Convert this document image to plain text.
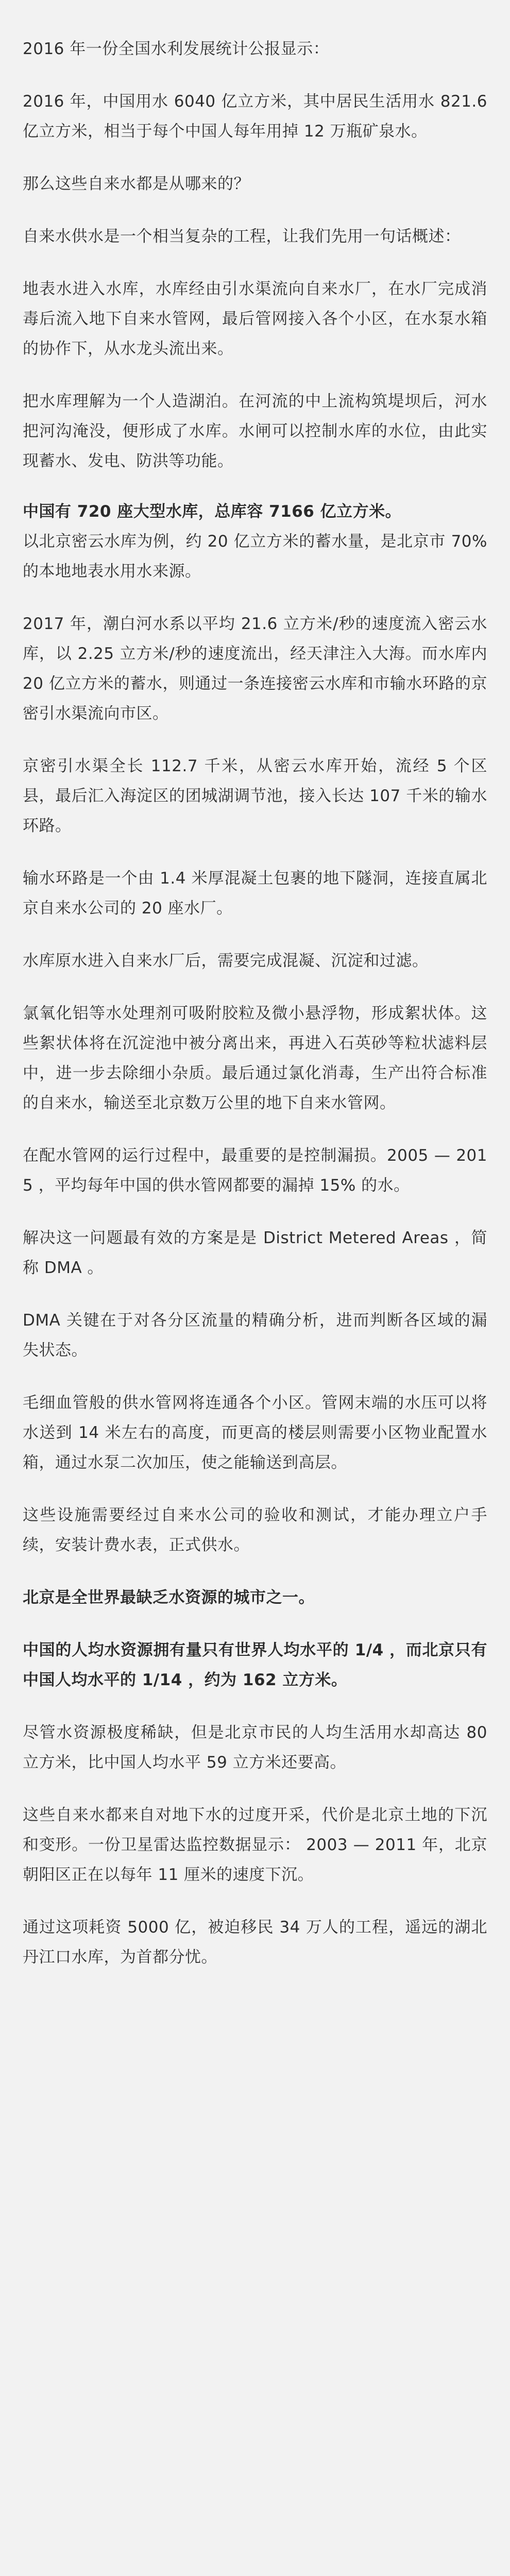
2016 年一份全国水利发展统计公报显示：

2016 年，中国用水 6040 亿立方米，其中居民生活用水 821.6 亿立方米，相当于每个中国人每年用掉 12 万瓶矿泉水。

那么这些自来水都是从哪来的？

自来水供水是一个相当复杂的工程，让我们先用一句话概述：

地表水进入水库，水库经由引水渠流向自来水厂，在水厂完成消毒后流入地下自来水管网，最后管网接入各个小区，在水泵水箱的协作下，从水龙头流出来。

把水库理解为一个人造湖泊。在河流的中上流构筑堤坝后，河水把河沟淹没，便形成了水库。水闸可以控制水库的水位，由此实现蓄水、发电、防洪等功能。

中国有 720 座大型水库，总库容 7166 亿立方米。

以北京密云水库为例，约 20 亿立方米的蓄水量，是北京市 70% 的本地地表水用水来源。

2017 年，潮白河水系以平均 21.6 立方米/秒的速度流入密云水库，以 2.25 立方米/秒的速度流出，经天津注入大海。而水库内 20 亿立方米的蓄水，则通过一条连接密云水库和市输水环路的京密引水渠流向市区。

京密引水渠全长 112.7 千米，从密云水库开始，流经 5 个区县，最后汇入海淀区的团城湖调节池，接入长达 107 千米的输水环路。

输水环路是一个由 1.4 米厚混凝土包裹的地下隧洞，连接直属北京自来水公司的 20 座水厂。

水库原水进入自来水厂后，需要完成混凝、沉淀和过滤。

氯氧化铝等水处理剂可吸附胶粒及微小悬浮物，形成絮状体。这些絮状体将在沉淀池中被分离出来，再进入石英砂等粒状滤料层中，进一步去除细小杂质。最后通过氯化消毒，生产出符合标准的自来水，输送至北京数万公里的地下自来水管网。

在配水管网的运行过程中，最重要的是控制漏损。2005 — 2015 ，平均每年中国的供水管网都要的漏掉 15% 的水。

解决这一问题最有效的方案是是 District Metered Areas ，简称 DMA 。

DMA 关键在于对各分区流量的精确分析，进而判断各区域的漏失状态。

毛细血管般的供水管网将连通各个小区。管网末端的水压可以将水送到 14 米左右的高度，而更高的楼层则需要小区物业配置水箱，通过水泵二次加压，使之能输送到高层。

这些设施需要经过自来水公司的验收和测试，才能办理立户手续，安装计费水表，正式供水。

北京是全世界最缺乏水资源的城市之一。

中国的人均水资源拥有量只有世界人均水平的 1/4 ，而北京只有中国人均水平的 1/14 ，约为 162 立方米。

尽管水资源极度稀缺，但是北京市民的人均生活用水却高达 80 立方米，比中国人均水平 59 立方米还要高。

这些自来水都来自对地下水的过度开采，代价是北京土地的下沉和变形。一份卫星雷达监控数据显示： 2003 — 2011 年，北京朝阳区正在以每年 11 厘米的速度下沉。

通过这项耗资 5000 亿，被迫移民 34 万人的工程，遥远的湖北丹江口水库，为首都分忧。
